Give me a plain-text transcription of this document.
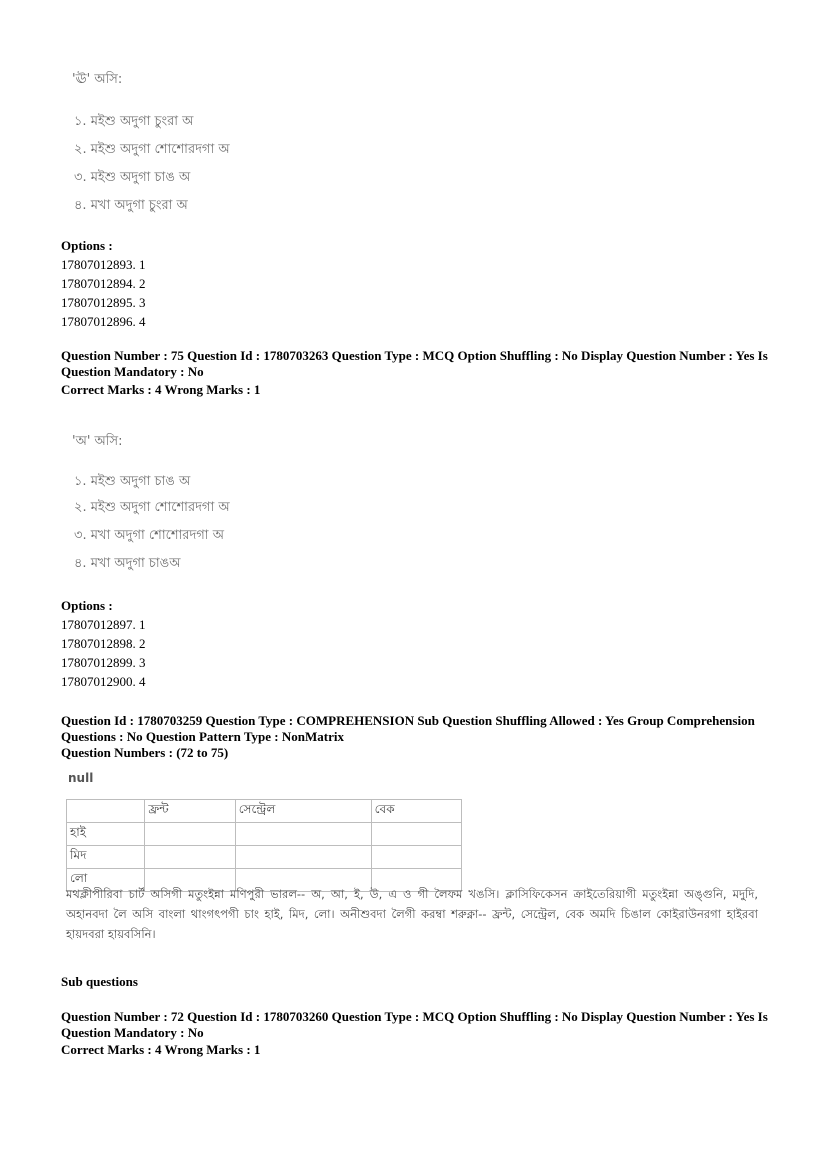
'ঊ' অসি:
১. মইশু অদুগা চুংরা অ
২. মইশু অদুগা শোশোরদগা অ
৩. মইশু অদুগা চাঙ অ
৪. মখা অদুগা চুংরা অ
Options :
17807012893. 1
17807012894. 2
17807012895. 3
17807012896. 4
Question Number : 75 Question Id : 1780703263 Question Type : MCQ Option Shuffling : No Display Question Number : Yes Is
Question Mandatory : No
Correct Marks : 4 Wrong Marks : 1
'অ' অসি:
১. মইশু অদুগা চাঙ অ
২. মইশু অদুগা শোশোরদগা অ
৩. মখা অদুগা শোশোরদগা অ
৪. মখা অদুগা চাঙঅ
Options :
17807012897. 1
17807012898. 2
17807012899. 3
17807012900. 4
Question Id : 1780703259 Question Type : COMPREHENSION Sub Question Shuffling Allowed : Yes Group Comprehension
Questions : No Question Pattern Type : NonMatrix
Question Numbers : (72 to 75)
null
	ফ্রন্ট	সেন্ট্রেল	বেক
হাই			
মিদ			
লো			
মথক্লীপীরিবা চার্ট অসিগী মতুংইন্না মণিপুরী ভারল-- অ, আ, ই, উ, এ ও গী লৈফম খঙসি। ক্লাসিফিকেসন ক্রাইতেরিয়াগী মতুংইন্না অঙ্গুনি, মদুদি, অহানবদা লৈ অসি বাংলা থাংগৎপগী চাং হাই, মিদ, লো। অনীশুবদা লৈগী করম্বা শরুক্না-- ফ্রন্ট, সেন্ট্রেল, বেক অমদি চিঙাল কোইরাউনরগা হাইরবা হায়দবরা হায়বসিনি।
Sub questions
Question Number : 72 Question Id : 1780703260 Question Type : MCQ Option Shuffling : No Display Question Number : Yes Is
Question Mandatory : No
Correct Marks : 4 Wrong Marks : 1
